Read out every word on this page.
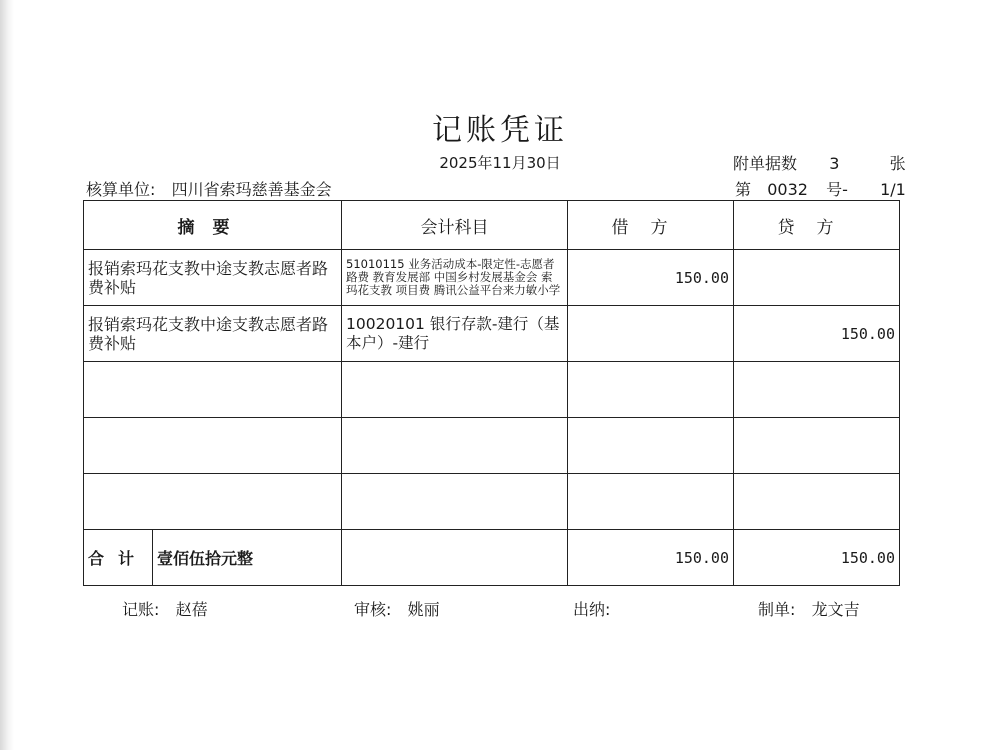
记账凭证
2025年11月30日	附单据数 3	张
核算单位: 四川省索玛慈善基金会	第 0032 号- 1/1
摘要	会计科目	借方	贷方
报销索玛花支教中途支教志愿者路费补贴	51010115 业务活动成本-限定性-志愿者路费 教育发展部 中国乡村发展基金会 索玛花支教 项目费 腾讯公益平台来力敏小学	150.00	
报销索玛花支教中途支教志愿者路费补贴	10020101 银行存款-建行（基本户）-建行		150.00

合计 壹佰伍拾元整		150.00	150.00
记账: 赵蓓	审核: 姚丽	出纳:	制单: 龙文吉
